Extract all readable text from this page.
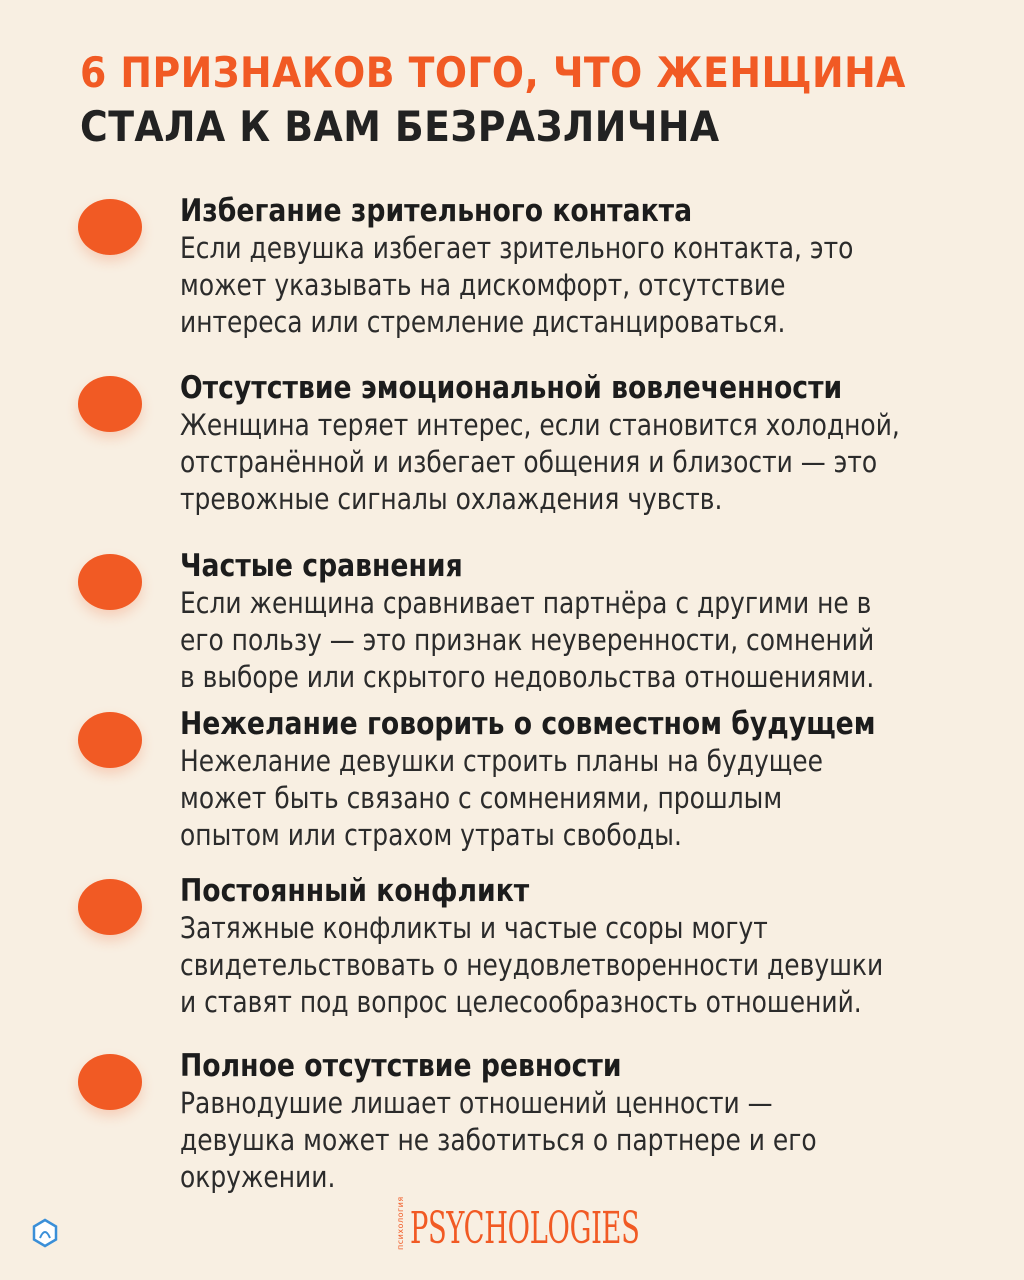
6 ПРИЗНАКОВ ТОГО, ЧТО ЖЕНЩИНА
СТАЛА К ВАМ БЕЗРАЗЛИЧНА
Избегание зрительного контакта
Если девушка избегает зрительного контакта, это
может указывать на дискомфорт, отсутствие
интереса или стремление дистанцироваться.
Отсутствие эмоциональной вовлеченности
Женщина теряет интерес, если становится холодной,
отстранённой и избегает общения и близости — это
тревожные сигналы охлаждения чувств.
Частые сравнения
Если женщина сравнивает партнёра с другими не в
его пользу — это признак неуверенности, сомнений
в выборе или скрытого недовольства отношениями.
Нежелание говорить о совместном будущем
Нежелание девушки строить планы на будущее
может быть связано с сомнениями, прошлым
опытом или страхом утраты свободы.
Постоянный конфликт
Затяжные конфликты и частые ссоры могут
свидетельствовать о неудовлетворенности девушки
и ставят под вопрос целесообразность отношений.
Полное отсутствие ревности
Равнодушие лишает отношений ценности —
девушка может не заботиться о партнере и его
окружении.
психология PSYCHOLOGIES
